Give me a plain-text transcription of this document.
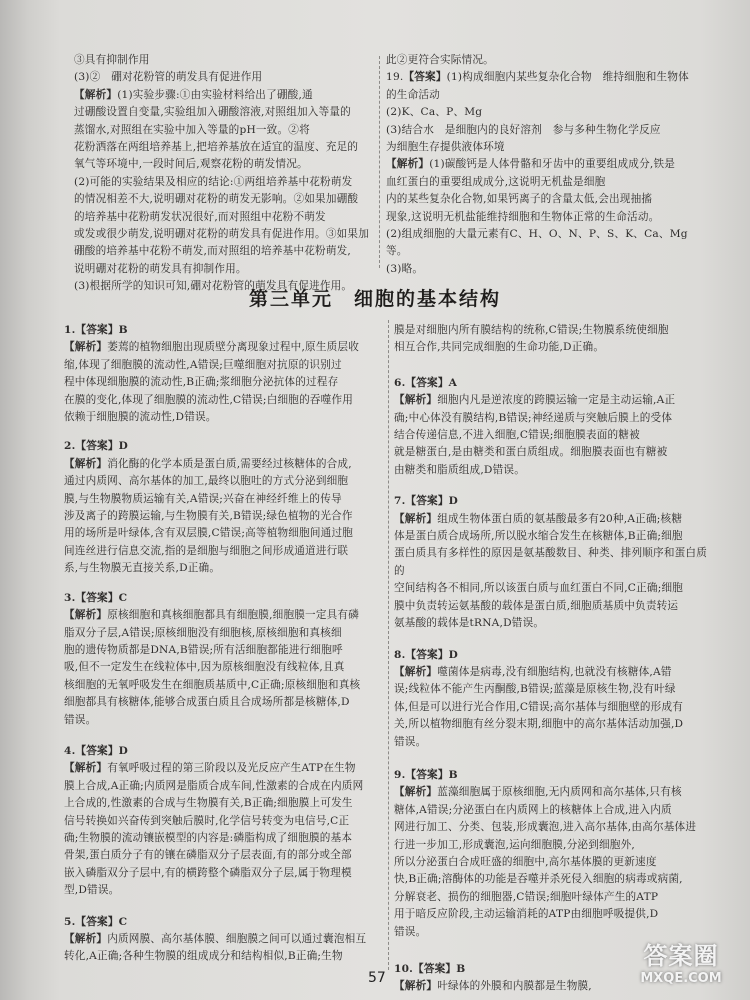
③具有抑制作用

(3)②　硼对花粉管的萌发具有促进作用

【解析】(1)实验步骤:①由实验材料给出了硼酸,通

过硼酸设置自变量,实验组加入硼酸溶液,对照组加入等量的

蒸馏水,对照组在实验中加入等量的pH一致。②将

花粉洒落在两组培养基上,把培养基放在适宜的温度、充足的

氧气等环境中,一段时间后,观察花粉的萌发情况。

(2)可能的实验结果及相应的结论:①两组培养基中花粉萌发

的情况相差不大,说明硼对花粉的萌发无影响。②如果加硼酸

的培养基中花粉萌发状况很好,而对照组中花粉不萌发

或发或很少萌发,说明硼对花粉的萌发具有促进作用。③如果加

硼酸的培养基中花粉不萌发,而对照组的培养基中花粉萌发,

说明硼对花粉的萌发具有抑制作用。

(3)根据所学的知识可知,硼对花粉管的萌发具有促进作用。

此②更符合实际情况。

19.【答案】(1)构成细胞内某些复杂化合物　维持细胞和生物体

的生命活动

(2)K、Ca、P、Mg

(3)结合水　是细胞内的良好溶剂　参与多种生物化学反应

为细胞生存提供液体环境

【解析】(1)碳酸钙是人体骨骼和牙齿中的重要组成成分,铁是

血红蛋白的重要组成成分,这说明无机盐是细胞

内的某些复杂化合物,如果钙离子的含量太低,会出现抽搐

现象,这说明无机盐能维持细胞和生物体正常的生命活动。

(2)组成细胞的大量元素有C、H、O、N、P、S、K、Ca、Mg等。

(3)略。

第三单元　细胞的基本结构

1.【答案】B

【解析】萎蔫的植物细胞出现质壁分离现象过程中,原生质层收

缩,体现了细胞膜的流动性,A错误;巨噬细胞对抗原的识别过

程中体现细胞膜的流动性,B正确;浆细胞分泌抗体的过程存

在膜的变化,体现了细胞膜的流动性,C错误;白细胞的吞噬作用

依赖于细胞膜的流动性,D错误。

2.【答案】D

【解析】消化酶的化学本质是蛋白质,需要经过核糖体的合成,

通过内质网、高尔基体的加工,最终以胞吐的方式分泌到细胞

膜,与生物膜物质运输有关,A错误;兴奋在神经纤维上的传导

涉及离子的跨膜运输,与生物膜有关,B错误;绿色植物的光合作

用的场所是叶绿体,含有双层膜,C错误;高等植物细胞间通过胞

间连丝进行信息交流,指的是细胞与细胞之间形成通道进行联

系,与生物膜无直接关系,D正确。

3.【答案】C

【解析】原核细胞和真核细胞都具有细胞膜,细胞膜一定具有磷

脂双分子层,A错误;原核细胞没有细胞核,原核细胞和真核细

胞的遗传物质都是DNA,B错误;所有活细胞都能进行细胞呼

吸,但不一定发生在线粒体中,因为原核细胞没有线粒体,且真

核细胞的无氧呼吸发生在细胞质基质中,C正确;原核细胞和真核

细胞都具有核糖体,能够合成蛋白质且合成场所都是核糖体,D

错误。

4.【答案】D

【解析】有氧呼吸过程的第三阶段以及光反应产生ATP在生物

膜上合成,A正确;内质网是脂质合成车间,性激素的合成在内质网

上合成的,性激素的合成与生物膜有关,B正确;细胞膜上可发生

信号转换如兴奋传到突触后膜时,化学信号转变为电信号,C正

确;生物膜的流动镶嵌模型的内容是:磷脂构成了细胞膜的基本

骨架,蛋白质分子有的镶在磷脂双分子层表面,有的部分或全部

嵌入磷脂双分子层中,有的横跨整个磷脂双分子层,属于物理模

型,D错误。

5.【答案】C

【解析】内质网膜、高尔基体膜、细胞膜之间可以通过囊泡相互

转化,A正确;各种生物膜的组成成分和结构相似,B正确;生物

膜是对细胞内所有膜结构的统称,C错误;生物膜系统使细胞

相互合作,共同完成细胞的生命功能,D正确。

6.【答案】A

【解析】细胞内凡是逆浓度的跨膜运输一定是主动运输,A正

确;中心体没有膜结构,B错误;神经递质与突触后膜上的受体

结合传递信息,不进入细胞,C错误;细胞膜表面的糖被

就是糖蛋白,是由糖类和蛋白质组成。细胞膜表面也有糖被

由糖类和脂质组成,D错误。

7.【答案】D

【解析】组成生物体蛋白质的氨基酸最多有20种,A正确;核糖

体是蛋白质合成场所,所以脱水缩合发生在核糖体,B正确;细胞

蛋白质具有多样性的原因是氨基酸数目、种类、排列顺序和蛋白质的

空间结构各不相同,所以该蛋白质与血红蛋白不同,C正确;细胞

膜中负责转运氨基酸的载体是蛋白质,细胞质基质中负责转运

氨基酸的载体是tRNA,D错误。

8.【答案】D

【解析】噬菌体是病毒,没有细胞结构,也就没有核糖体,A错

误;线粒体不能产生丙酮酸,B错误;蓝藻是原核生物,没有叶绿

体,但是可以进行光合作用,C错误;高尔基体与细胞壁的形成有

关,所以植物细胞有丝分裂末期,细胞中的高尔基体活动加强,D

错误。

9.【答案】B

【解析】蓝藻细胞属于原核细胞,无内质网和高尔基体,只有核

糖体,A错误;分泌蛋白在内质网上的核糖体上合成,进入内质

网进行加工、分类、包装,形成囊泡,进入高尔基体,由高尔基体进

行进一步加工,形成囊泡,运向细胞膜,分泌到细胞外,

所以分泌蛋白合成旺盛的细胞中,高尔基体膜的更新速度

快,B正确;溶酶体的功能是吞噬并杀死侵入细胞的病毒或病菌,

分解衰老、损伤的细胞器,C错误;细胞叶绿体产生的ATP

用于暗反应阶段,主动运输消耗的ATP由细胞呼吸提供,D

错误。

10.【答案】B

【解析】叶绿体的外膜和内膜都是生物膜,

57
答案圈
MXQE.COM
